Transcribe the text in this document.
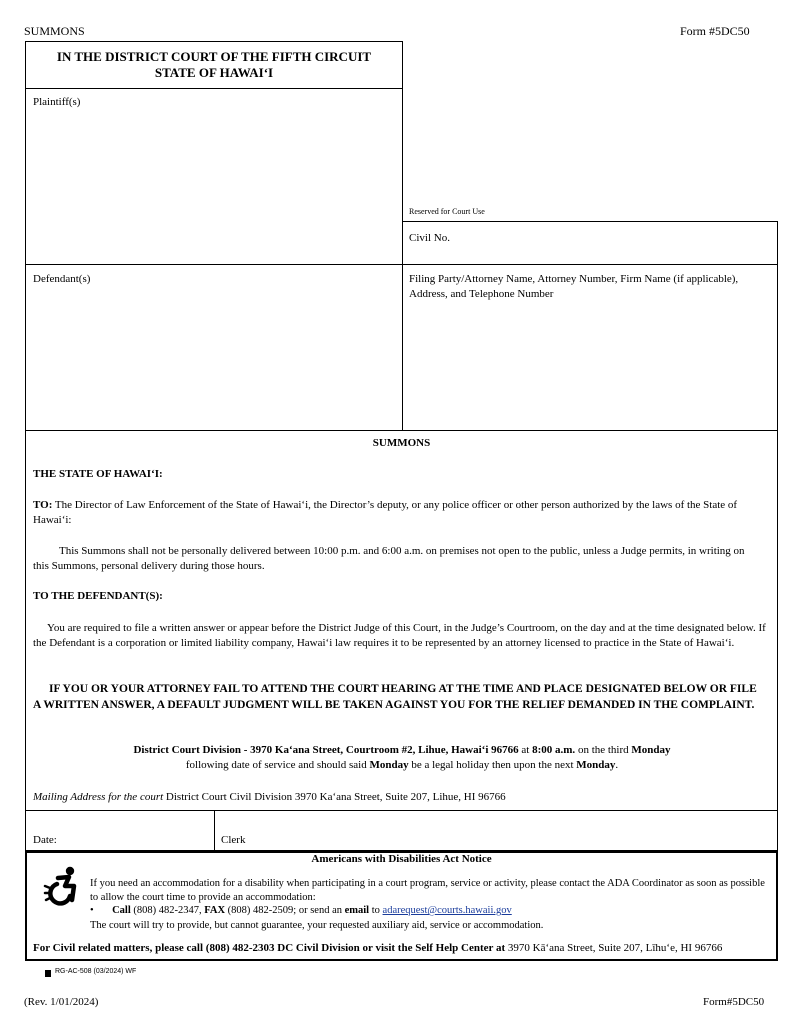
SUMMONS	Form #5DC50
IN THE DISTRICT COURT OF THE FIFTH CIRCUIT
STATE OF HAWAIʻI
Plaintiff(s)
Reserved for Court Use
Civil No.
Defendant(s)	Filing Party/Attorney Name, Attorney Number, Firm Name (if applicable), Address, and Telephone Number
SUMMONS
THE STATE OF HAWAIʻI:
TO: The Director of Law Enforcement of the State of Hawaiʻi, the Director’s deputy, or any police officer or other person authorized by the laws of the State of Hawaiʻi:
This Summons shall not be personally delivered between 10:00 p.m. and 6:00 a.m. on premises not open to the public, unless a Judge permits, in writing on this Summons, personal delivery during those hours.
TO THE DEFENDANT(S):
You are required to file a written answer or appear before the District Judge of this Court, in the Judge’s Courtroom, on the day and at the time designated below. If the Defendant is a corporation or limited liability company, Hawaiʻi law requires it to be represented by an attorney licensed to practice in the State of Hawaiʻi.
IF YOU OR YOUR ATTORNEY FAIL TO ATTEND THE COURT HEARING AT THE TIME AND PLACE DESIGNATED BELOW OR FILE A WRITTEN ANSWER, A DEFAULT JUDGMENT WILL BE TAKEN AGAINST YOU FOR THE RELIEF DEMANDED IN THE COMPLAINT.
District Court Division - 3970 Kaʻana Street, Courtroom #2, Lihue, Hawaiʻi 96766 at 8:00 a.m. on the third Monday
following date of service and should said Monday be a legal holiday then upon the next Monday.
Mailing Address for the court District Court Civil Division 3970 Kaʻana Street, Suite 207, Lihue, HI 96766
Date:	Clerk
Americans with Disabilities Act Notice
If you need an accommodation for a disability when participating in a court program, service or activity, please contact the ADA Coordinator as soon as possible to allow the court time to provide an accommodation:
• Call (808) 482-2347, FAX (808) 482-2509; or send an email to adarequest@courts.hawaii.gov
The court will try to provide, but cannot guarantee, your requested auxiliary aid, service or accommodation.
For Civil related matters, please call (808) 482-2303 DC Civil Division or visit the Self Help Center at 3970 Kāʻana Street, Suite 207, Līhuʻe, HI 96766
RG-AC-508 (03/2024) WF
(Rev. 1/01/2024)	Form#5DC50
